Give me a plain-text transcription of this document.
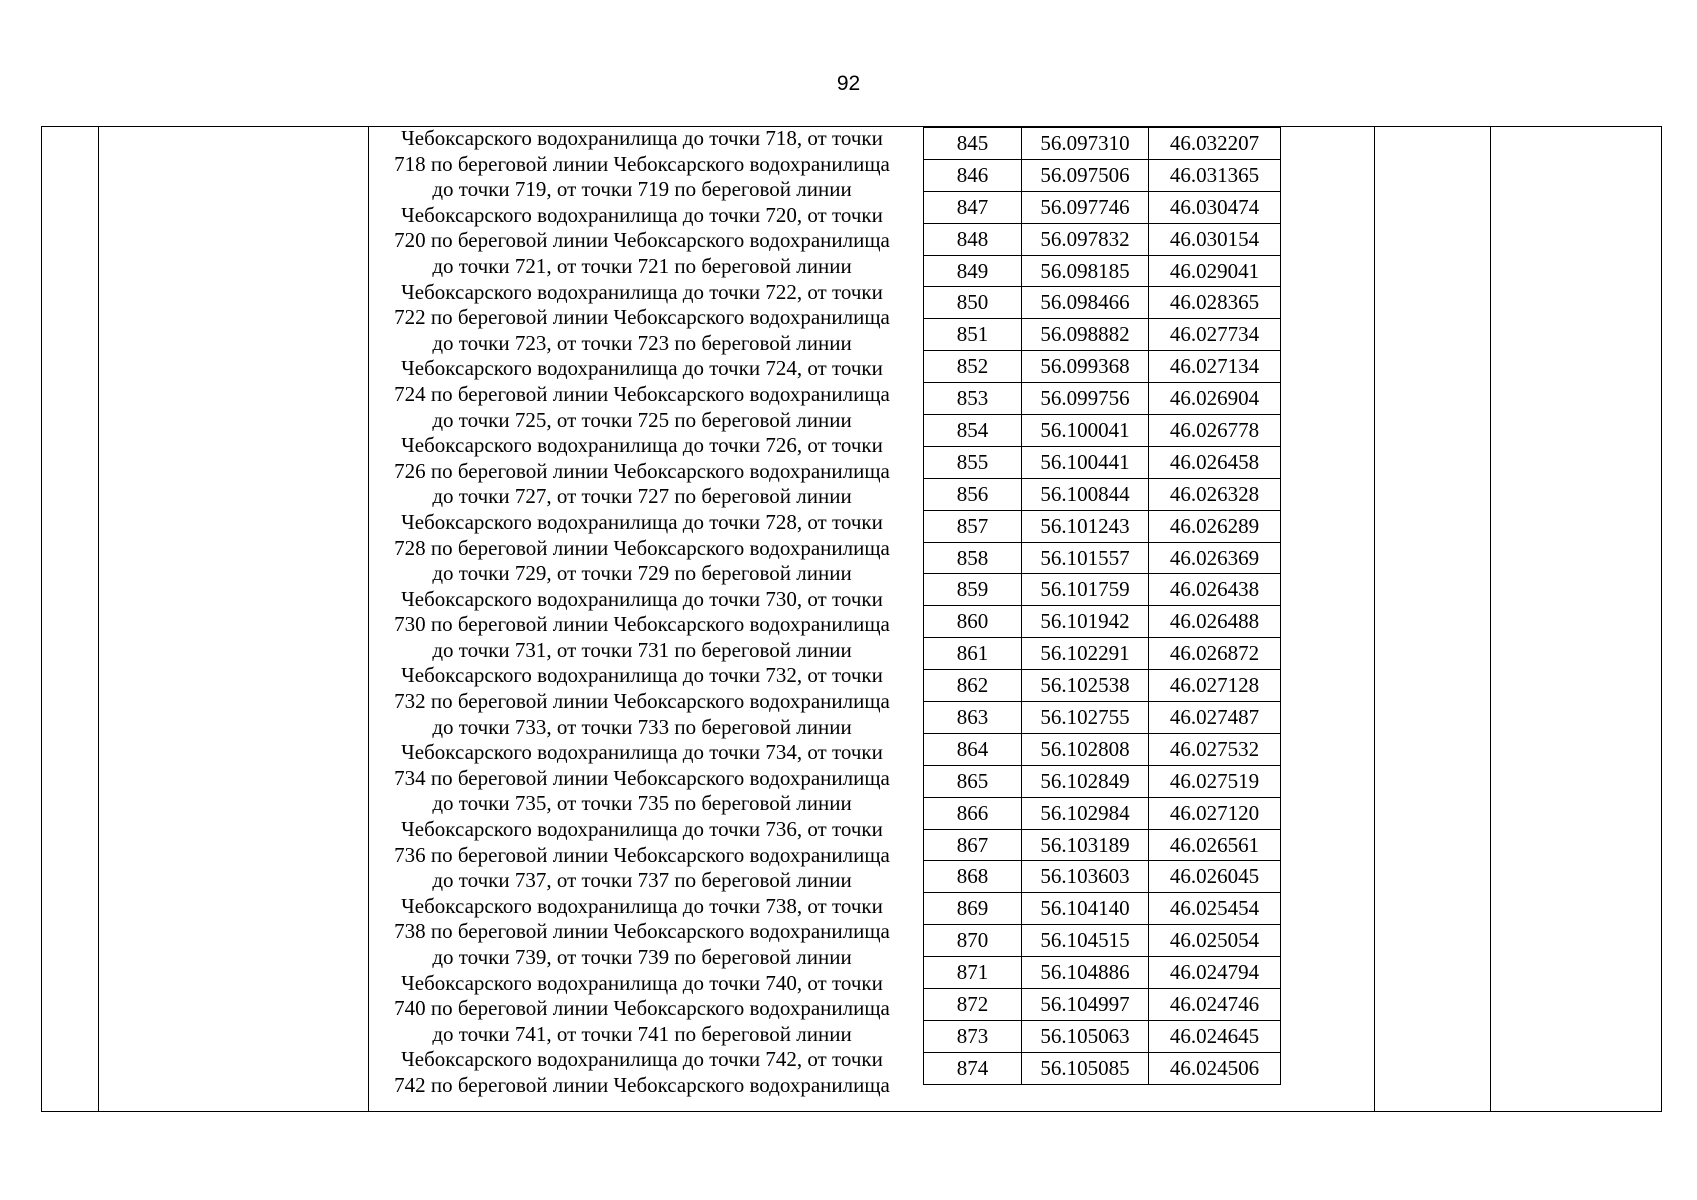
92
Чебоксарского водохранилища до точки 718, от точки
718 по береговой линии Чебоксарского водохранилища
до точки 719, от точки 719 по береговой линии
Чебоксарского водохранилища до точки 720, от точки
720 по береговой линии Чебоксарского водохранилища
до точки 721, от точки 721 по береговой линии
Чебоксарского водохранилища до точки 722, от точки
722 по береговой линии Чебоксарского водохранилища
до точки 723, от точки 723 по береговой линии
Чебоксарского водохранилища до точки 724, от точки
724 по береговой линии Чебоксарского водохранилища
до точки 725, от точки 725 по береговой линии
Чебоксарского водохранилища до точки 726, от точки
726 по береговой линии Чебоксарского водохранилища
до точки 727, от точки 727 по береговой линии
Чебоксарского водохранилища до точки 728, от точки
728 по береговой линии Чебоксарского водохранилища
до точки 729, от точки 729 по береговой линии
Чебоксарского водохранилища до точки 730, от точки
730 по береговой линии Чебоксарского водохранилища
до точки 731, от точки 731 по береговой линии
Чебоксарского водохранилища до точки 732, от точки
732 по береговой линии Чебоксарского водохранилища
до точки 733, от точки 733 по береговой линии
Чебоксарского водохранилища до точки 734, от точки
734 по береговой линии Чебоксарского водохранилища
до точки 735, от точки 735 по береговой линии
Чебоксарского водохранилища до точки 736, от точки
736 по береговой линии Чебоксарского водохранилища
до точки 737, от точки 737 по береговой линии
Чебоксарского водохранилища до точки 738, от точки
738 по береговой линии Чебоксарского водохранилища
до точки 739, от точки 739 по береговой линии
Чебоксарского водохранилища до точки 740, от точки
740 по береговой линии Чебоксарского водохранилища
до точки 741, от точки 741 по береговой линии
Чебоксарского водохранилища до точки 742, от точки
742 по береговой линии Чебоксарского водохранилища
845	56.097310	46.032207
846	56.097506	46.031365
847	56.097746	46.030474
848	56.097832	46.030154
849	56.098185	46.029041
850	56.098466	46.028365
851	56.098882	46.027734
852	56.099368	46.027134
853	56.099756	46.026904
854	56.100041	46.026778
855	56.100441	46.026458
856	56.100844	46.026328
857	56.101243	46.026289
858	56.101557	46.026369
859	56.101759	46.026438
860	56.101942	46.026488
861	56.102291	46.026872
862	56.102538	46.027128
863	56.102755	46.027487
864	56.102808	46.027532
865	56.102849	46.027519
866	56.102984	46.027120
867	56.103189	46.026561
868	56.103603	46.026045
869	56.104140	46.025454
870	56.104515	46.025054
871	56.104886	46.024794
872	56.104997	46.024746
873	56.105063	46.024645
874	56.105085	46.024506
